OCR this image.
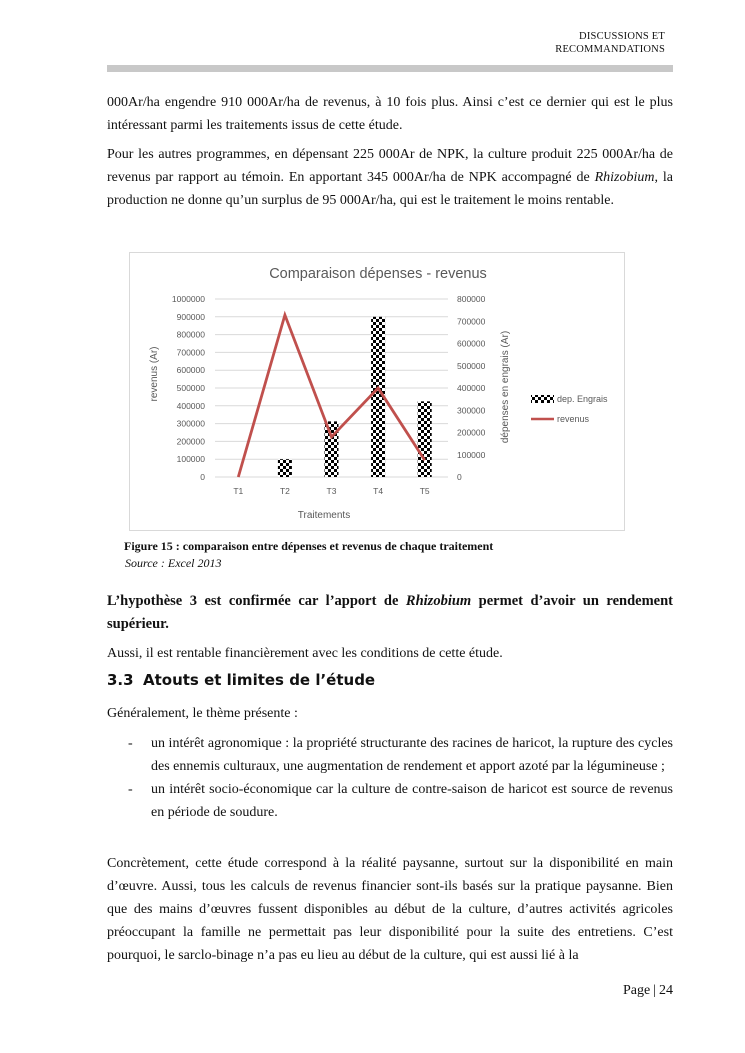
DISCUSSIONS ET
RECOMMANDATIONS

000Ar/ha engendre 910 000Ar/ha de revenus, à 10 fois plus. Ainsi c’est ce dernier qui est le plus intéressant parmi les traitements issus de cette étude.

Pour les autres programmes, en dépensant 225 000Ar de NPK, la culture produit 225 000Ar/ha de revenus par rapport au témoin. En apportant 345 000Ar/ha de NPK accompagné de Rhizobium, la production ne donne qu’un surplus de 95 000Ar/ha, qui est le traitement le moins rentable.

Comparaison dépenses - revenus
0
100000
200000
300000
400000
500000
600000
700000
800000
900000
1000000
0
100000
200000
300000
400000
500000
600000
700000
800000
T1	T2	T3	T4	T5
revenus (Ar)	dépenses en engrais (Ar)
Traitements
dep. Engrais
revenus
Figure 15 : comparaison entre dépenses et revenus de chaque traitement
Source : Excel 2013

L’hypothèse 3 est confirmée car l’apport de Rhizobium permet d’avoir un rendement supérieur.

Aussi, il est rentable financièrement avec les conditions de cette étude.

3.3 Atouts et limites de l’étude

Généralement, le thème présente :

- un intérêt agronomique : la propriété structurante des racines de haricot, la rupture des cycles des ennemis culturaux, une augmentation de rendement et apport azoté par la légumineuse ;
- un intérêt socio-économique car la culture de contre-saison de haricot est source de revenus en période de soudure.

Concrètement, cette étude correspond à la réalité paysanne, surtout sur la disponibilité en main d’œuvre. Aussi, tous les calculs de revenus financier sont-ils basés sur la pratique paysanne. Bien que des mains d’œuvres fussent disponibles au début de la culture, d’autres activités agricoles préoccupant la famille ne permettait pas leur disponibilité pour la suite des entretiens. C’est pourquoi, le sarclo-binage n’a pas eu lieu au début de la culture, qui est aussi lié à la

Page | 24
